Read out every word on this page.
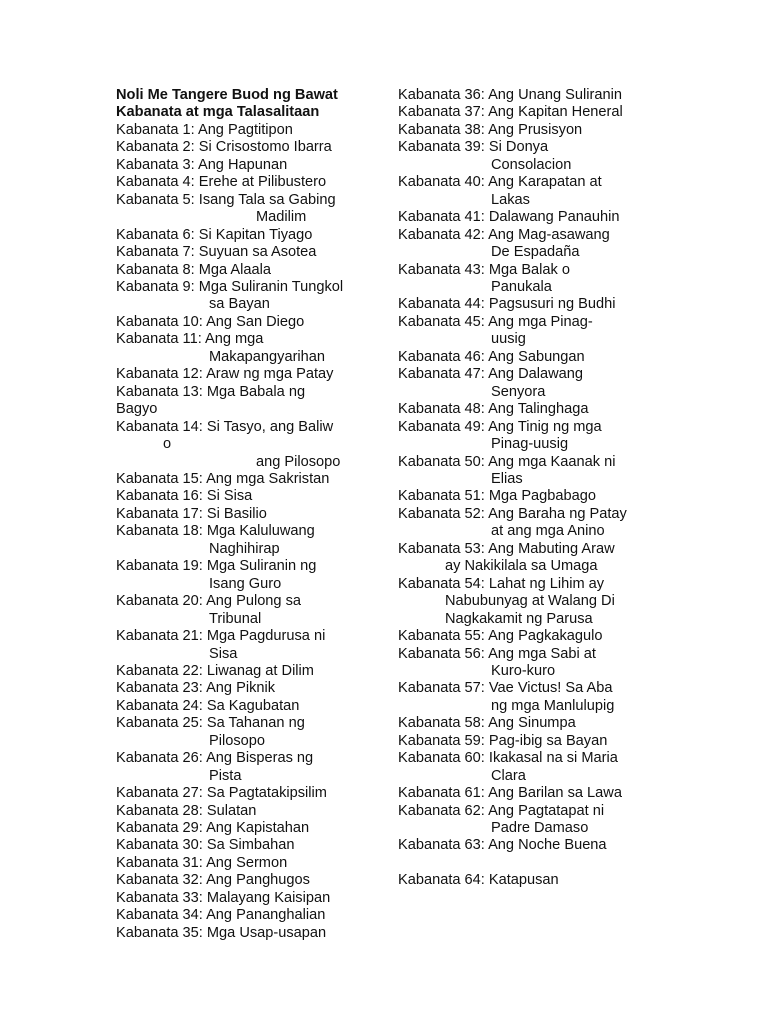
Noli Me Tangere Buod ng Bawat
Kabanata at mga Talasalitaan
Kabanata 1: Ang Pagtitipon
Kabanata 2: Si Crisostomo Ibarra
Kabanata 3: Ang Hapunan
Kabanata 4: Erehe at Pilibustero
Kabanata 5: Isang Tala sa Gabing
Madilim
Kabanata 6: Si Kapitan Tiyago
Kabanata 7: Suyuan sa Asotea
Kabanata 8: Mga Alaala
Kabanata 9: Mga Suliranin Tungkol
sa Bayan
Kabanata 10: Ang San Diego
Kabanata 11: Ang mga
Makapangyarihan
Kabanata 12: Araw ng mga Patay
Kabanata 13: Mga Babala ng
Bagyo
Kabanata 14: Si Tasyo, ang Baliw
o
ang Pilosopo
Kabanata 15: Ang mga Sakristan
Kabanata 16: Si Sisa
Kabanata 17: Si Basilio
Kabanata 18: Mga Kaluluwang
Naghihirap
Kabanata 19: Mga Suliranin ng
Isang Guro
Kabanata 20: Ang Pulong sa
Tribunal
Kabanata 21: Mga Pagdurusa ni
Sisa
Kabanata 22: Liwanag at Dilim
Kabanata 23: Ang Piknik
Kabanata 24: Sa Kagubatan
Kabanata 25: Sa Tahanan ng
Pilosopo
Kabanata 26: Ang Bisperas ng
Pista
Kabanata 27: Sa Pagtatakipsilim
Kabanata 28: Sulatan
Kabanata 29: Ang Kapistahan
Kabanata 30: Sa Simbahan
Kabanata 31: Ang Sermon
Kabanata 32: Ang Panghugos
Kabanata 33: Malayang Kaisipan
Kabanata 34: Ang Pananghalian
Kabanata 35: Mga Usap-usapan
Kabanata 36: Ang Unang Suliranin
Kabanata 37: Ang Kapitan Heneral
Kabanata 38: Ang Prusisyon
Kabanata 39: Si Donya
Consolacion
Kabanata 40: Ang Karapatan at
Lakas
Kabanata 41: Dalawang Panauhin
Kabanata 42: Ang Mag-asawang
De Espadaña
Kabanata 43: Mga Balak o
Panukala
Kabanata 44: Pagsusuri ng Budhi
Kabanata 45: Ang mga Pinag-
uusig
Kabanata 46: Ang Sabungan
Kabanata 47: Ang Dalawang
Senyora
Kabanata 48: Ang Talinghaga
Kabanata 49: Ang Tinig ng mga
Pinag-uusig
Kabanata 50: Ang mga Kaanak ni
Elias
Kabanata 51: Mga Pagbabago
Kabanata 52: Ang Baraha ng Patay
at ang mga Anino
Kabanata 53: Ang Mabuting Araw
ay Nakikilala sa Umaga
Kabanata 54: Lahat ng Lihim ay
Nabubunyag at Walang Di
Nagkakamit ng Parusa
Kabanata 55: Ang Pagkakagulo
Kabanata 56: Ang mga Sabi at
Kuro-kuro
Kabanata 57: Vae Victus! Sa Aba
ng mga Manlulupig
Kabanata 58: Ang Sinumpa
Kabanata 59: Pag-ibig sa Bayan
Kabanata 60: Ikakasal na si Maria
Clara
Kabanata 61: Ang Barilan sa Lawa
Kabanata 62: Ang Pagtatapat ni
Padre Damaso
Kabanata 63: Ang Noche Buena
Kabanata 64: Katapusan
